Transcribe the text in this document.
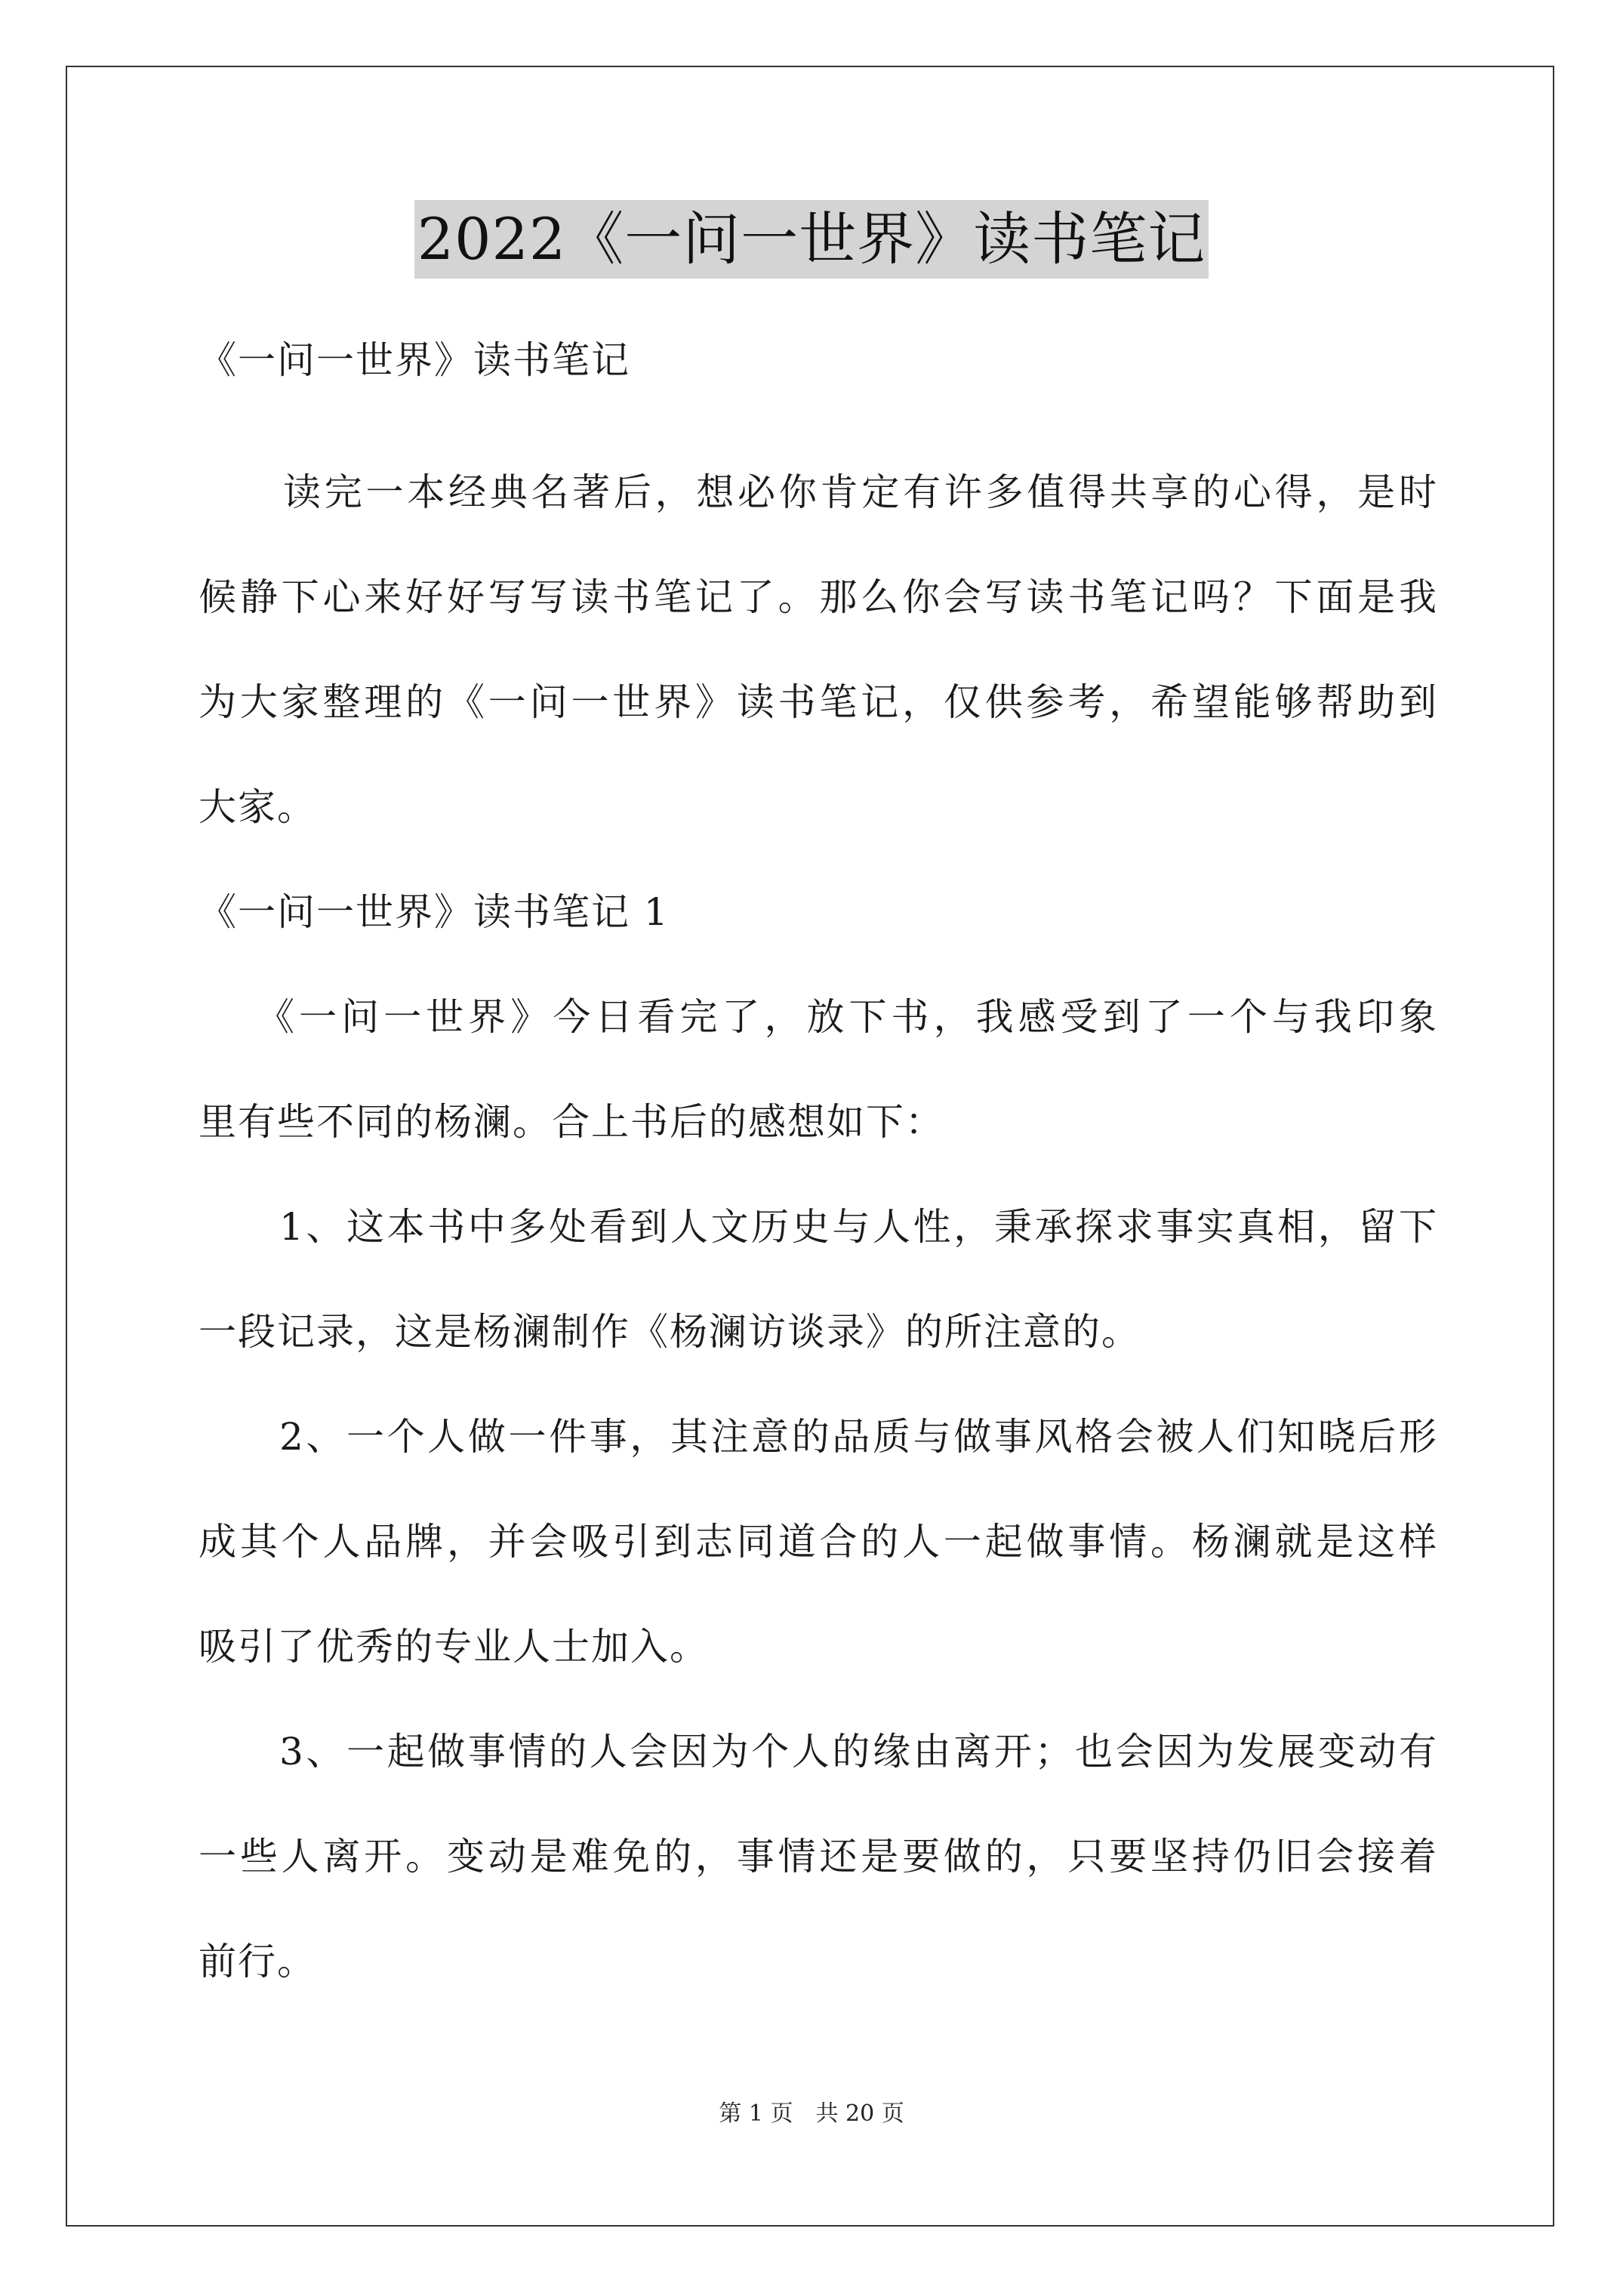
2022《一问一世界》读书笔记
《一问一世界》读书笔记
读完一本经典名著后，想必你肯定有许多值得共享的心得，是时
候静下心来好好写写读书笔记了。那么你会写读书笔记吗？下面是我
为大家整理的《一问一世界》读书笔记，仅供参考，希望能够帮助到
大家。
《一问一世界》读书笔记 1
《一问一世界》今日看完了，放下书，我感受到了一个与我印象
里有些不同的杨澜。合上书后的感想如下：
1、这本书中多处看到人文历史与人性，秉承探求事实真相，留下
一段记录，这是杨澜制作《杨澜访谈录》的所注意的。
2、一个人做一件事，其注意的品质与做事风格会被人们知晓后形
成其个人品牌，并会吸引到志同道合的人一起做事情。杨澜就是这样
吸引了优秀的专业人士加入。
3、一起做事情的人会因为个人的缘由离开；也会因为发展变动有
一些人离开。变动是难免的，事情还是要做的，只要坚持仍旧会接着
前行。
第 1 页 共 20 页
